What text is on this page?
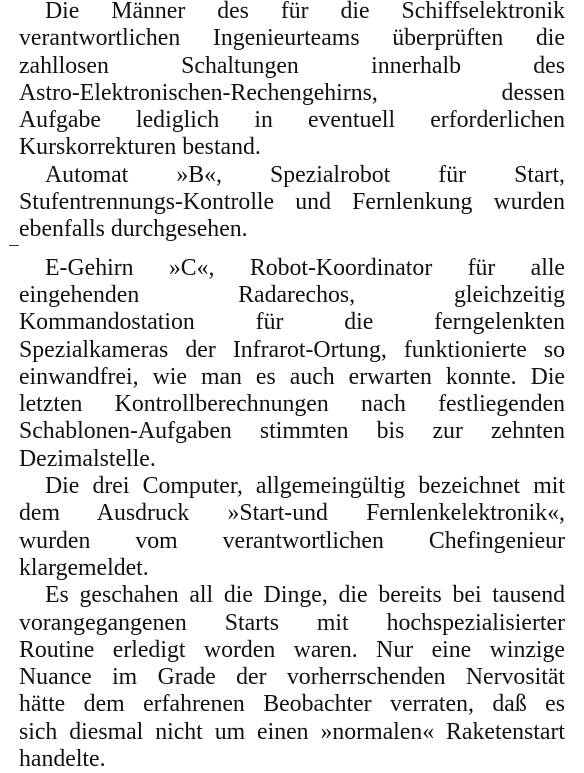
Die Männer des für die Schiffselektronik
verantwortlichen Ingenieurteams überprüften die
zahllosen Schaltungen innerhalb des
Astro-Elektronischen-Rechengehirns, dessen
Aufgabe lediglich in eventuell erforderlichen
Kurskorrekturen bestand.
Automat »B«, Spezialrobot für Start,
Stufentrennungs-Kontrolle und Fernlenkung wurden
ebenfalls durchgesehen.
E-Gehirn »C«, Robot-Koordinator für alle
eingehenden Radarechos, gleichzeitig
Kommandostation für die ferngelenkten
Spezialkameras der Infrarot-Ortung, funktionierte so
einwandfrei, wie man es auch erwarten konnte. Die
letzten Kontrollberechnungen nach festliegenden
Schablonen-Aufgaben stimmten bis zur zehnten
Dezimalstelle.
Die drei Computer, allgemeingültig bezeichnet mit
dem Ausdruck »Start-und Fernlenkelektronik«,
wurden vom verantwortlichen Chefingenieur
klargemeldet.
Es geschahen all die Dinge, die bereits bei tausend
vorangegangenen Starts mit hochspezialisierter
Routine erledigt worden waren. Nur eine winzige
Nuance im Grade der vorherrschenden Nervosität
hätte dem erfahrenen Beobachter verraten, daß es
sich diesmal nicht um einen »normalen« Raketenstart
handelte.
